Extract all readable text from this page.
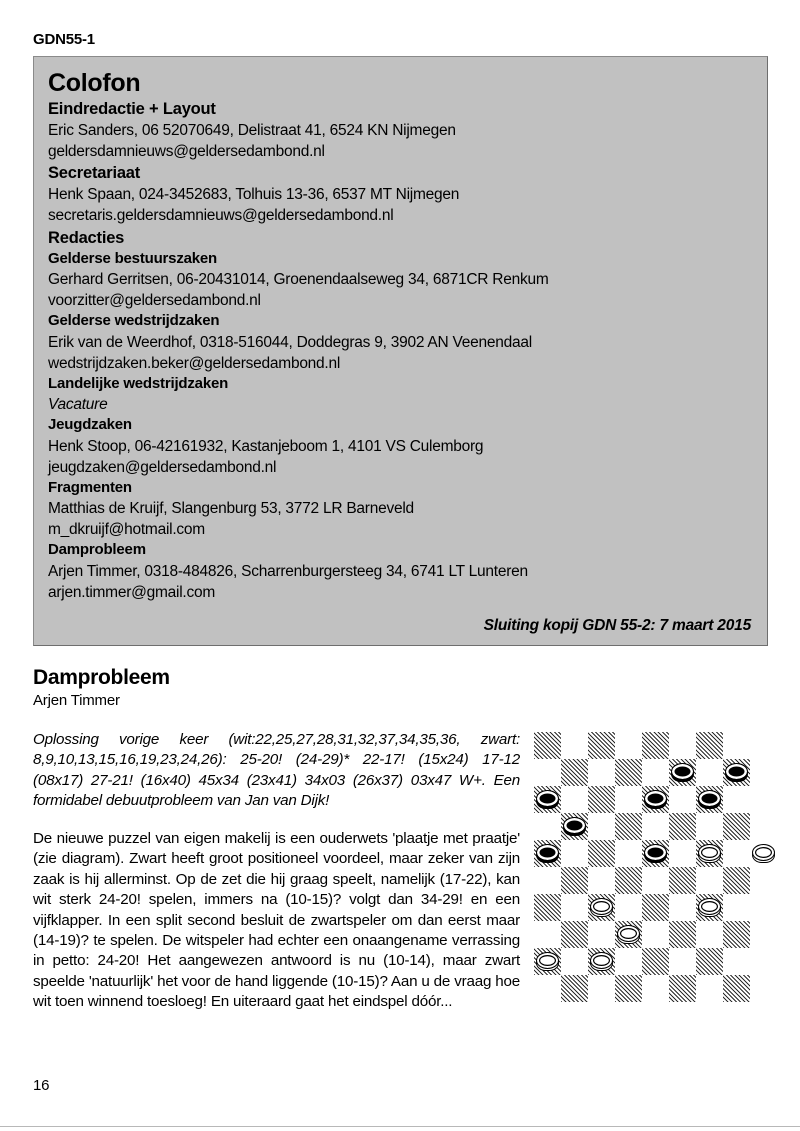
GDN55-1
Colofon
Eindredactie + Layout
Eric Sanders, 06 52070649, Delistraat 41, 6524 KN Nijmegen
geldersdamnieuws@geldersedambond.nl
Secretariaat
Henk Spaan, 024-3452683, Tolhuis 13-36, 6537 MT Nijmegen
secretaris.geldersdamnieuws@geldersedambond.nl
Redacties
Gelderse bestuurszaken
Gerhard Gerritsen, 06-20431014, Groenendaalseweg 34, 6871CR Renkum
voorzitter@geldersedambond.nl
Gelderse wedstrijdzaken
Erik van de Weerdhof, 0318-516044, Doddegras 9, 3902 AN Veenendaal
wedstrijdzaken.beker@geldersedambond.nl
Landelijke wedstrijdzaken
Vacature
Jeugdzaken
Henk Stoop, 06-42161932, Kastanjeboom 1, 4101 VS Culemborg
jeugdzaken@geldersedambond.nl
Fragmenten
Matthias de Kruijf, Slangenburg 53, 3772 LR Barneveld
m_dkruijf@hotmail.com
Damprobleem
Arjen Timmer, 0318-484826, Scharrenburgersteeg 34, 6741 LT Lunteren
arjen.timmer@gmail.com
Sluiting kopij GDN 55-2: 7 maart 2015
Damprobleem
Arjen Timmer

Oplossing vorige keer (wit:22,25,27,28,31,32,37,34,35,36, zwart: 8,9,10,13,15,16,19,23,24,26): 25-20! (24-29)* 22-17! (15x24) 17-12 (08x17) 27-21! (16x40) 45x34 (23x41) 34x03 (26x37) 03x47 W+. Een formidabel debuutprobleem van Jan van Dijk!

De nieuwe puzzel van eigen makelij is een ouderwets 'plaatje met praatje' (zie diagram). Zwart heeft groot positioneel voordeel, maar zeker van zijn zaak is hij allerminst. Op de zet die hij graag speelt, namelijk (17-22), kan wit sterk 24-20! spelen, immers na (10-15)? volgt dan 34-29! en een vijfklapper. In een split second besluit de zwartspeler om dan eerst maar (14-19)? te spelen. De witspeler had echter een onaangename verrassing in petto: 24-20! Het aangewezen antwoord is nu (10-14), maar zwart speelde 'natuurlijk' het voor de hand liggende (10-15)? Aan u de vraag hoe wit toen winnend toesloeg! En uiteraard gaat het eindspel dóór...

16
